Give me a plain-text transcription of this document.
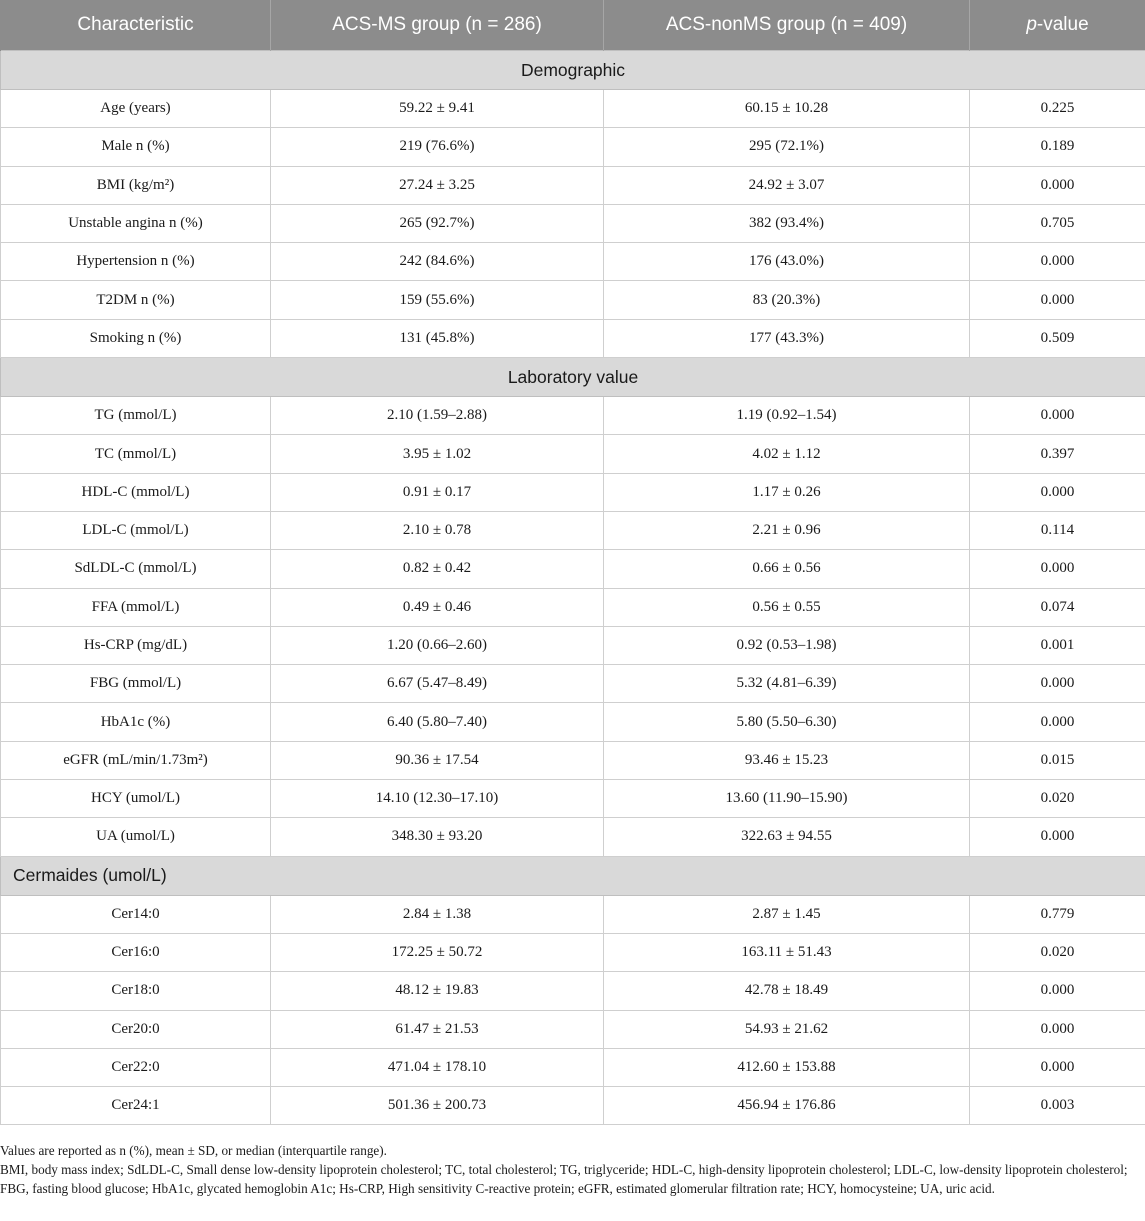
Characteristic	ACS-MS group (n = 286)	ACS-nonMS group (n = 409)	p-value
Demographic			
Age (years)	59.22 ± 9.41	60.15 ± 10.28	0.225
Male n (%)	219 (76.6%)	295 (72.1%)	0.189
BMI (kg/m²)	27.24 ± 3.25	24.92 ± 3.07	0.000
Unstable angina n (%)	265 (92.7%)	382 (93.4%)	0.705
Hypertension n (%)	242 (84.6%)	176 (43.0%)	0.000
T2DM n (%)	159 (55.6%)	83 (20.3%)	0.000
Smoking n (%)	131 (45.8%)	177 (43.3%)	0.509
Laboratory value			
TG (mmol/L)	2.10 (1.59–2.88)	1.19 (0.92–1.54)	0.000
TC (mmol/L)	3.95 ± 1.02	4.02 ± 1.12	0.397
HDL-C (mmol/L)	0.91 ± 0.17	1.17 ± 0.26	0.000
LDL-C (mmol/L)	2.10 ± 0.78	2.21 ± 0.96	0.114
SdLDL-C (mmol/L)	0.82 ± 0.42	0.66 ± 0.56	0.000
FFA (mmol/L)	0.49 ± 0.46	0.56 ± 0.55	0.074
Hs-CRP (mg/dL)	1.20 (0.66–2.60)	0.92 (0.53–1.98)	0.001
FBG (mmol/L)	6.67 (5.47–8.49)	5.32 (4.81–6.39)	0.000
HbA1c (%)	6.40 (5.80–7.40)	5.80 (5.50–6.30)	0.000
eGFR (mL/min/1.73m²)	90.36 ± 17.54	93.46 ± 15.23	0.015
HCY (umol/L)	14.10 (12.30–17.10)	13.60 (11.90–15.90)	0.020
UA (umol/L)	348.30 ± 93.20	322.63 ± 94.55	0.000
Cermaides (umol/L)			
Cer14:0	2.84 ± 1.38	2.87 ± 1.45	0.779
Cer16:0	172.25 ± 50.72	163.11 ± 51.43	0.020
Cer18:0	48.12 ± 19.83	42.78 ± 18.49	0.000
Cer20:0	61.47 ± 21.53	54.93 ± 21.62	0.000
Cer22:0	471.04 ± 178.10	412.60 ± 153.88	0.000
Cer24:1	501.36 ± 200.73	456.94 ± 176.86	0.003

Values are reported as n (%), mean ± SD, or median (interquartile range).

BMI, body mass index; SdLDL-C, Small dense low-density lipoprotein cholesterol; TC, total cholesterol; TG, triglyceride; HDL-C, high-density lipoprotein cholesterol; LDL-C, low-density lipoprotein cholesterol; FBG, fasting blood glucose; HbA1c, glycated hemoglobin A1c; Hs-CRP, High sensitivity C-reactive protein; eGFR, estimated glomerular filtration rate; HCY, homocysteine; UA, uric acid.
